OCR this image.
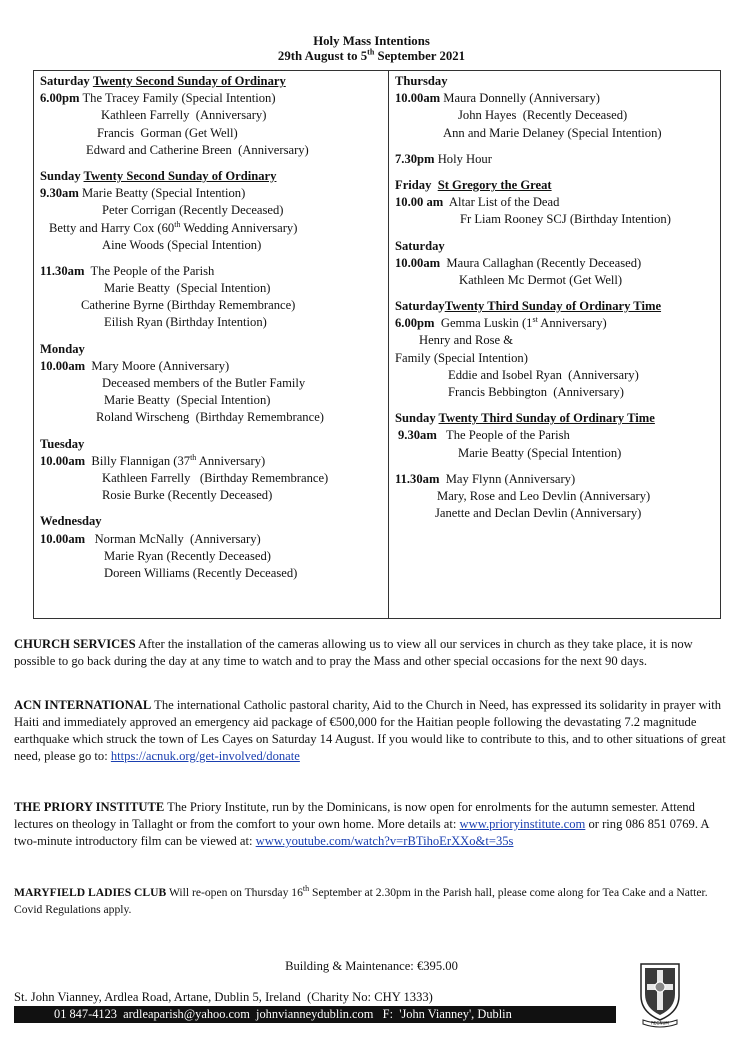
Holy Mass Intentions
29th August to 5th September 2021
Saturday Twenty Second Sunday of Ordinary
6.00pm The Tracey Family (Special Intention)
Kathleen Farrelly  (Anniversary)
Francis  Gorman (Get Well)
Edward and Catherine Breen  (Anniversary)
Sunday Twenty Second Sunday of Ordinary
9.30am Marie Beatty (Special Intention)
Peter Corrigan (Recently Deceased)
Betty and Harry Cox (60th Wedding Anniversary)
Aine Woods (Special Intention)
11.30am  The People of the Parish
Marie Beatty  (Special Intention)
Catherine Byrne (Birthday Remembrance)
Eilish Ryan (Birthday Intention)
Monday
10.00am  Mary Moore (Anniversary)
Deceased members of the Butler Family
Marie Beatty  (Special Intention)
Roland Wirscheng  (Birthday Remembrance)
Tuesday
10.00am  Billy Flannigan (37th Anniversary)
Kathleen Farrelly   (Birthday Remembrance)
Rosie Burke (Recently Deceased)
Wednesday
10.00am   Norman McNally  (Anniversary)
Marie Ryan (Recently Deceased)
Doreen Williams (Recently Deceased)
Thursday
10.00am Maura Donnelly (Anniversary)
John Hayes  (Recently Deceased)
Ann and Marie Delaney (Special Intention)
7.30pm Holy Hour
Friday  St Gregory the Great
10.00 am  Altar List of the Dead
Fr Liam Rooney SCJ (Birthday Intention)
Saturday
10.00am  Maura Callaghan (Recently Deceased)
Kathleen Mc Dermot (Get Well)
SaturdayTwenty Third Sunday of Ordinary Time
6.00pm  Gemma Luskin (1st Anniversary)
Henry and Rose &
Family (Special Intention)
Eddie and Isobel Ryan  (Anniversary)
Francis Bebbington  (Anniversary)
Sunday Twenty Third Sunday of Ordinary Time
9.30am   The People of the Parish
Marie Beatty (Special Intention)
11.30am  May Flynn (Anniversary)
Mary, Rose and Leo Devlin (Anniversary)
Janette and Declan Devlin (Anniversary)
CHURCH SERVICES After the installation of the cameras allowing us to view all our services in church as they take place, it is now possible to go back during the day at any time to watch and to pray the Mass and other special occasions for the next 90 days.
ACN INTERNATIONAL The international Catholic pastoral charity, Aid to the Church in Need, has expressed its solidarity in prayer with Haiti and immediately approved an emergency aid package of €500,000 for the Haitian people following the devastating 7.2 magnitude earthquake which struck the town of Les Cayes on Saturday 14 August. If you would like to contribute to this, and to other situations of great need, please go to: https://acnuk.org/get-involved/donate
THE PRIORY INSTITUTE The Priory Institute, run by the Dominicans, is now open for enrolments for the autumn semester. Attend lectures on theology in Tallaght or from the comfort to your own home. More details at: www.prioryinstitute.com or ring 086 851 0769. A two-minute introductory film can be viewed at: www.youtube.com/watch?v=rBTihoErXXo&t=35s
MARYFIELD LADIES CLUB Will re-open on Thursday 16th September at 2.30pm in the Parish hall, please come along for Tea Cake and a Natter. Covid Regulations apply.
Building & Maintenance: €395.00
St. John Vianney, Ardlea Road, Artane, Dublin 5, Ireland  (Charity No: CHY 1333)
01 847-4123  ardleaparish@yahoo.com  johnvianneydublin.com   F:  'John Vianney', Dublin
REGNUM
